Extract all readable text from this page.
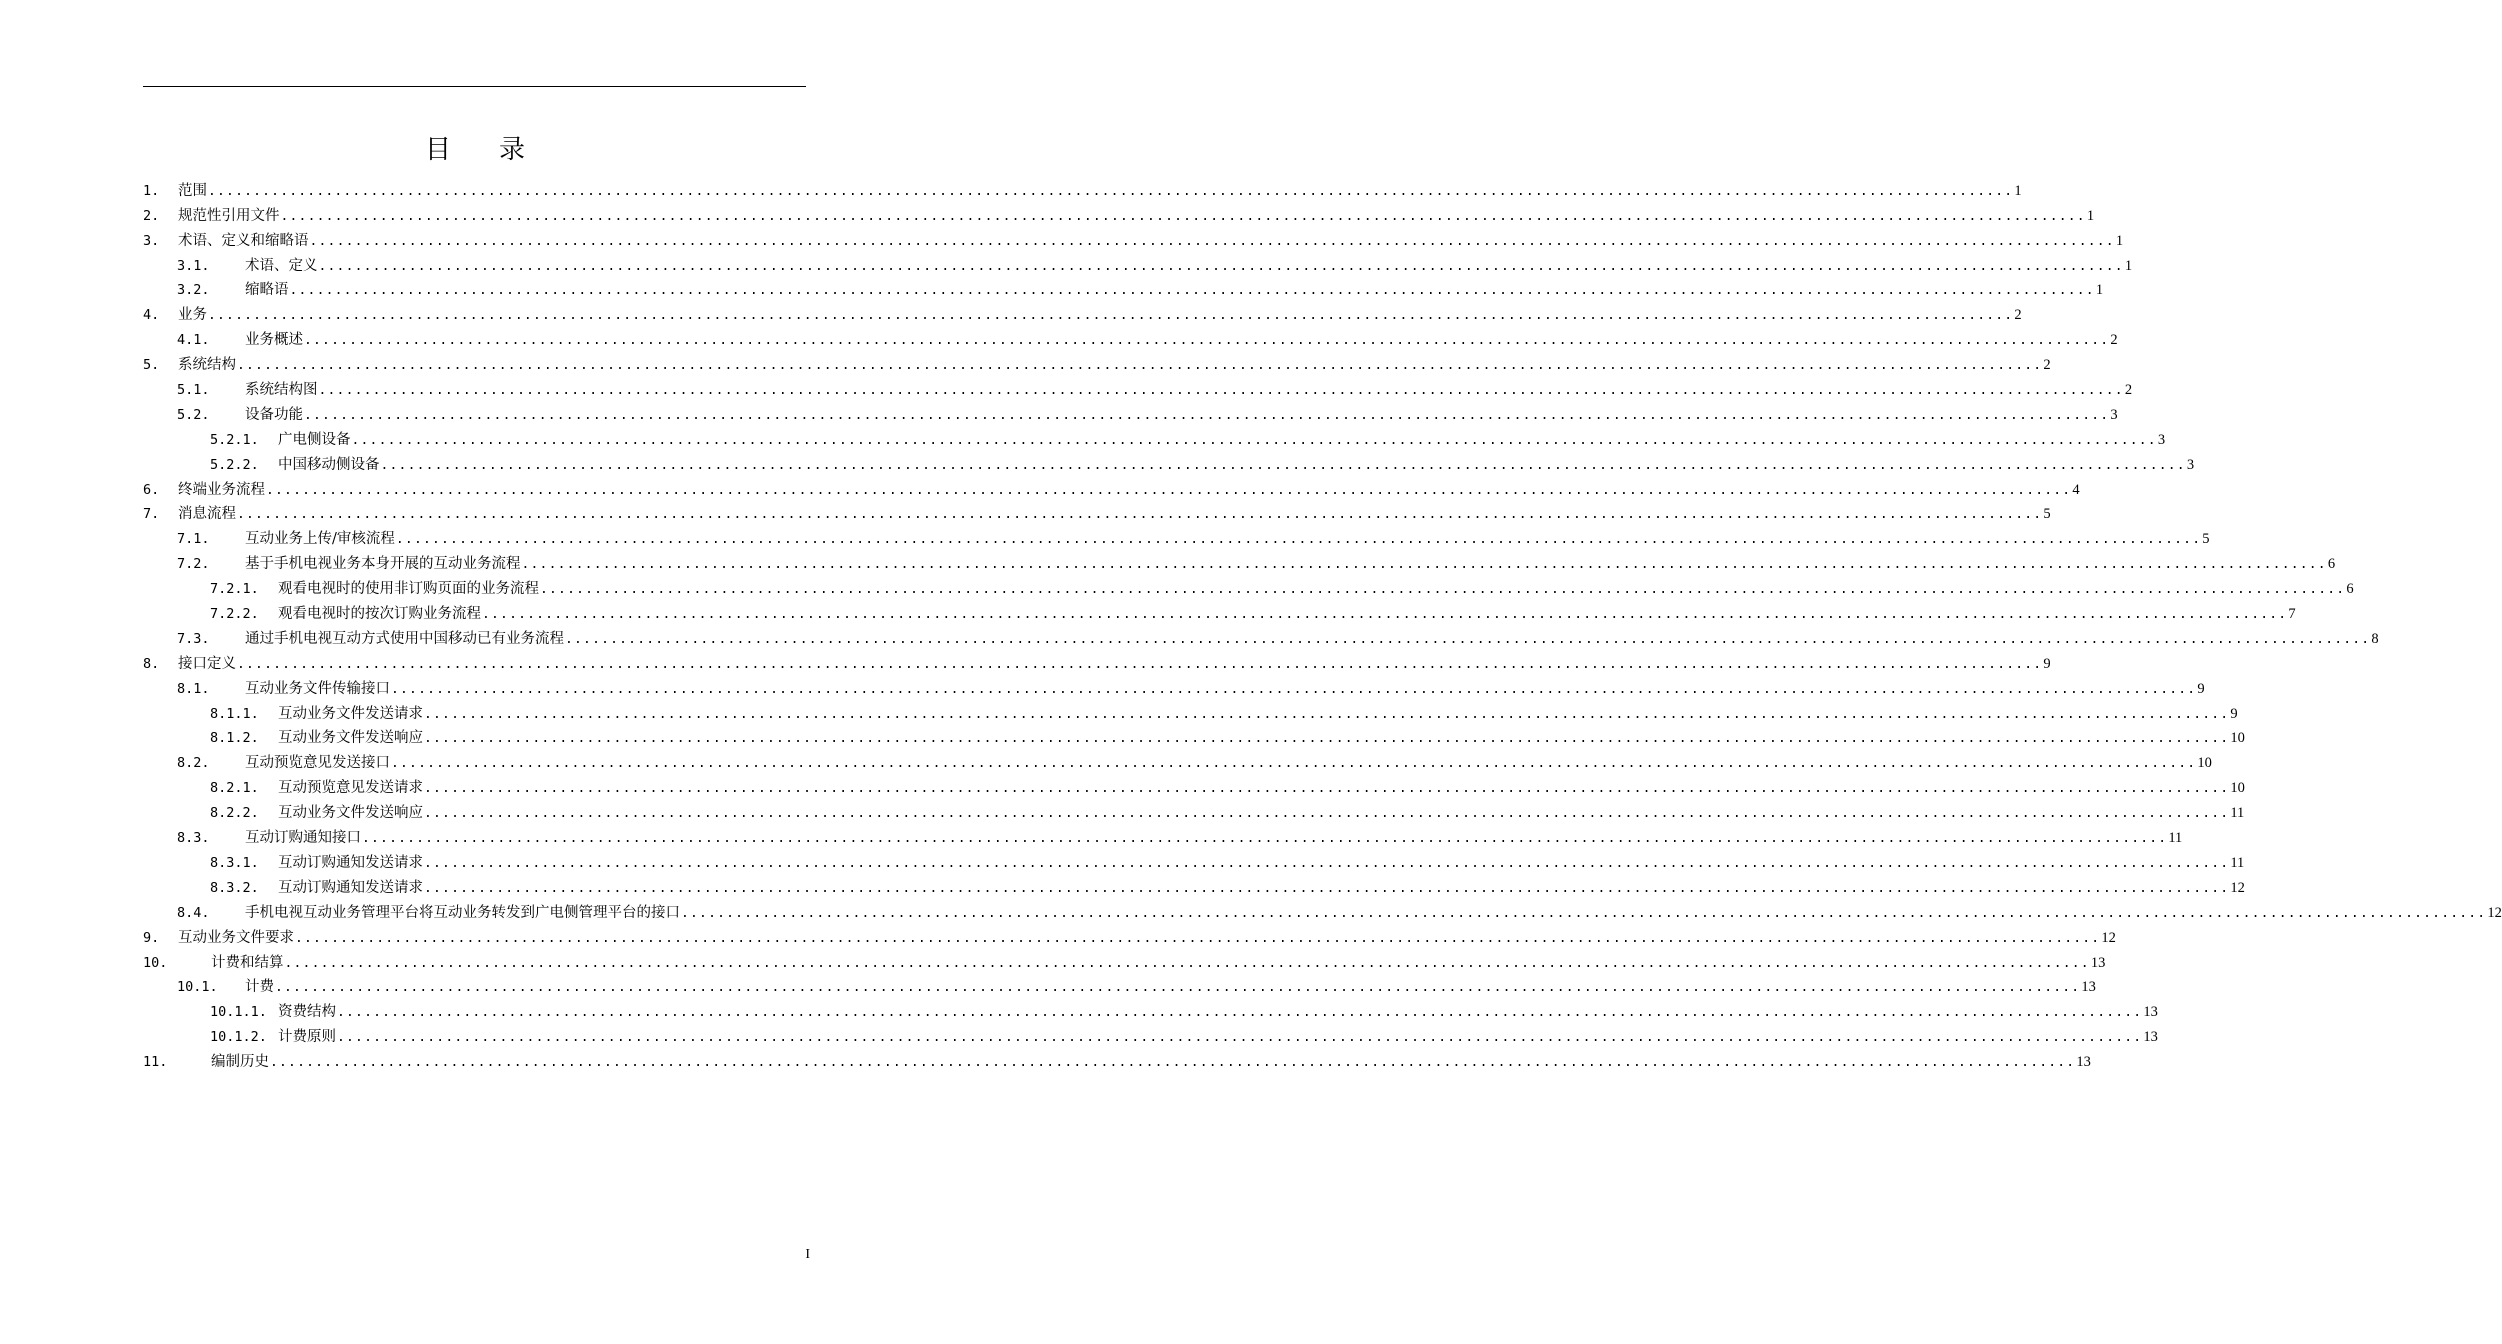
目 录
1.	范围 ........................................................................................................................................................................................................ 1
2.	规范性引用文件 ........................................................................................................................................................................................................ 1
3.	术语、定义和缩略语 ........................................................................................................................................................................................................ 1
3.1.	术语、定义 ........................................................................................................................................................................................................ 1
3.2.	缩略语 ........................................................................................................................................................................................................ 1
4.	业务 ........................................................................................................................................................................................................ 2
4.1.	业务概述 ........................................................................................................................................................................................................ 2
5.	系统结构 ........................................................................................................................................................................................................ 2
5.1.	系统结构图 ........................................................................................................................................................................................................ 2
5.2.	设备功能 ........................................................................................................................................................................................................ 3
5.2.1.	广电侧设备 ........................................................................................................................................................................................................ 3
5.2.2.	中国移动侧设备 ........................................................................................................................................................................................................ 3
6.	终端业务流程 ........................................................................................................................................................................................................ 4
7.	消息流程 ........................................................................................................................................................................................................ 5
7.1.	互动业务上传/审核流程 ........................................................................................................................................................................................................ 5
7.2.	基于手机电视业务本身开展的互动业务流程 ........................................................................................................................................................................................................ 6
7.2.1.	观看电视时的使用非订购页面的业务流程 ........................................................................................................................................................................................................ 6
7.2.2.	观看电视时的按次订购业务流程 ........................................................................................................................................................................................................ 7
7.3.	通过手机电视互动方式使用中国移动已有业务流程 ........................................................................................................................................................................................................ 8
8.	接口定义 ........................................................................................................................................................................................................ 9
8.1.	互动业务文件传输接口 ........................................................................................................................................................................................................ 9
8.1.1.	互动业务文件发送请求 ........................................................................................................................................................................................................ 9
8.1.2.	互动业务文件发送响应 ........................................................................................................................................................................................................ 10
8.2.	互动预览意见发送接口 ........................................................................................................................................................................................................ 10
8.2.1.	互动预览意见发送请求 ........................................................................................................................................................................................................ 10
8.2.2.	互动业务文件发送响应 ........................................................................................................................................................................................................ 11
8.3.	互动订购通知接口 ........................................................................................................................................................................................................ 11
8.3.1.	互动订购通知发送请求 ........................................................................................................................................................................................................ 11
8.3.2.	互动订购通知发送请求 ........................................................................................................................................................................................................ 12
8.4.	手机电视互动业务管理平台将互动业务转发到广电侧管理平台的接口 ........................................................................................................................................................................................................ 12
9.	互动业务文件要求 ........................................................................................................................................................................................................ 12
10.	计费和结算 ........................................................................................................................................................................................................ 13
10.1.	计费 ........................................................................................................................................................................................................ 13
10.1.1. 资费结构 ........................................................................................................................................................................................................ 13
10.1.2. 计费原则 ........................................................................................................................................................................................................ 13
11.	编制历史 ........................................................................................................................................................................................................ 13
I
